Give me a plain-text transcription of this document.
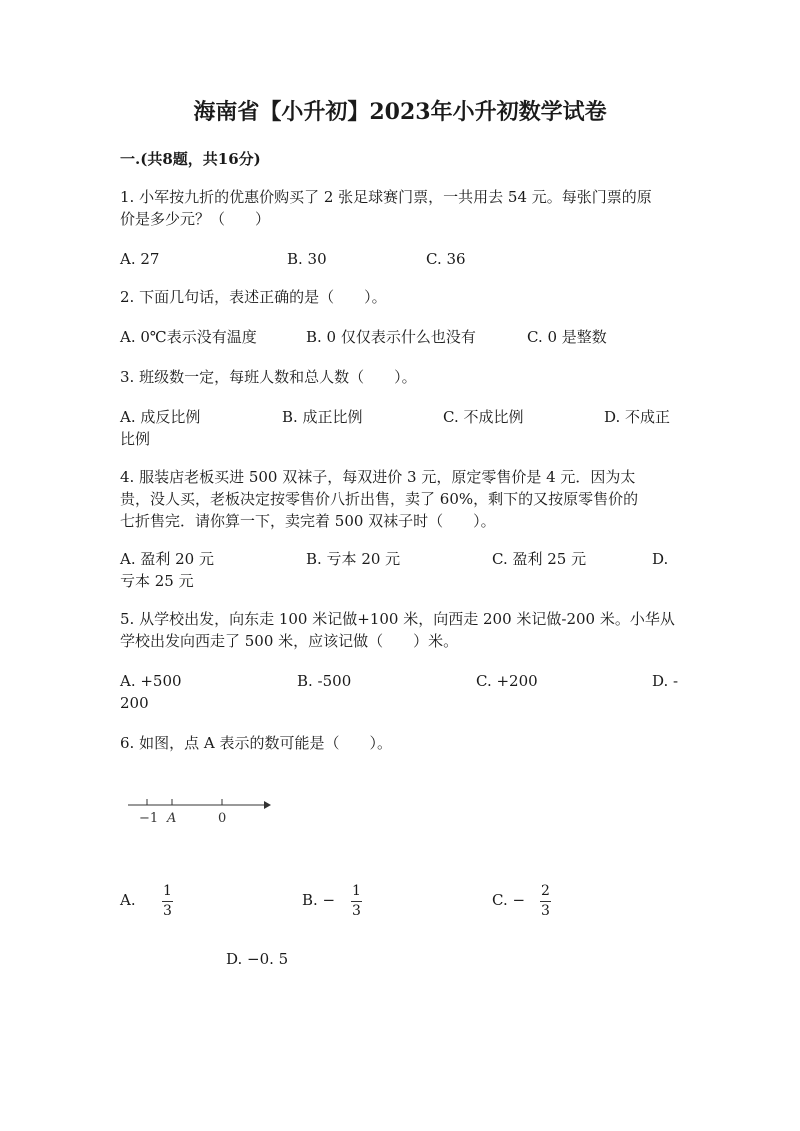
海南省【小升初】2023年小升初数学试卷
一.(共8题，共16分)
1. 小军按九折的优惠价购买了 2 张足球赛门票，一共用去 54 元。每张门票的原
价是多少元？（　　）
A. 27	B. 30	C. 36
2. 下面几句话，表述正确的是（　　）。
A. 0℃表示没有温度	B. 0 仅仅表示什么也没有	C. 0 是整数
3. 班级数一定，每班人数和总人数（　　）。
A. 成反比例	B. 成正比例	C. 不成比例	D. 不成正
比例
4. 服装店老板买进 500 双袜子，每双进价 3 元，原定零售价是 4 元．因为太
贵，没人买，老板决定按零售价八折出售，卖了 60%，剩下的又按原零售价的
七折售完．请你算一下，卖完着 500 双袜子时（　　）。
A. 盈利 20 元	B. 亏本 20 元	C. 盈利 25 元	D.
亏本 25 元
5. 从学校出发，向东走 100 米记做+100 米，向西走 200 米记做-200 米。小华从
学校出发向西走了 500 米，应该记做（　　）米。
A. +500	B. -500	C. +200	D. -
200
6. 如图，点 A 表示的数可能是（　　）。
−1 A	0
A. 1
3
B. − 1
3
C. − 2
3
D. −0. 5
